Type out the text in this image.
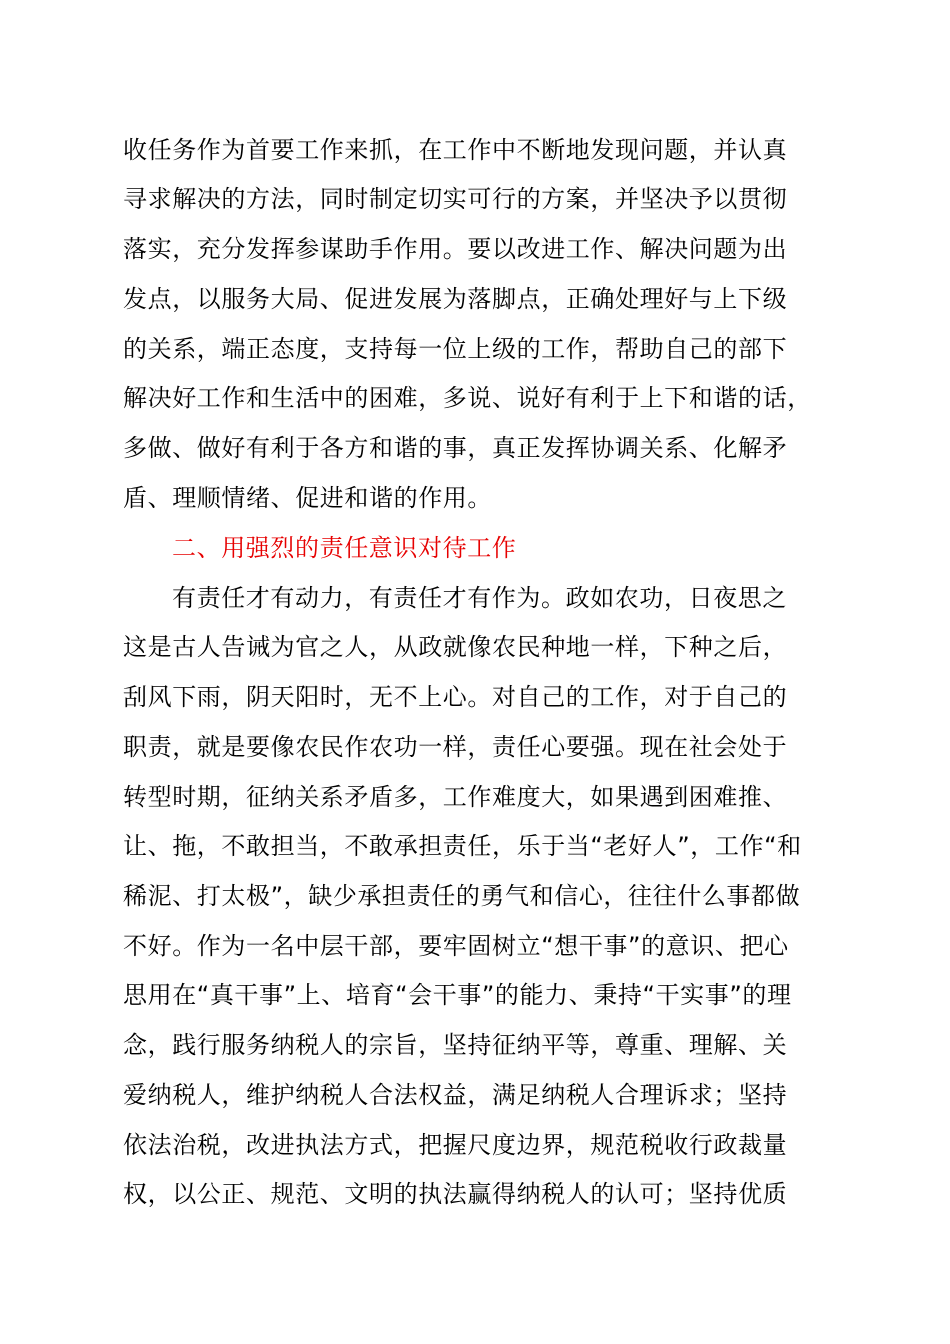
收任务作为首要工作来抓，在工作中不断地发现问题，并认真
寻求解决的方法，同时制定切实可行的方案，并坚决予以贯彻
落实，充分发挥参谋助手作用。要以改进工作、解决问题为出
发点，以服务大局、促进发展为落脚点，正确处理好与上下级
的关系，端正态度，支持每一位上级的工作，帮助自己的部下
解决好工作和生活中的困难，多说、说好有利于上下和谐的话，
多做、做好有利于各方和谐的事，真正发挥协调关系、化解矛
盾、理顺情绪、促进和谐的作用。
二、用强烈的责任意识对待工作
有责任才有动力，有责任才有作为。政如农功，日夜思之
这是古人告诫为官之人，从政就像农民种地一样，下种之后，
刮风下雨，阴天阳时，无不上心。对自己的工作，对于自己的
职责，就是要像农民作农功一样，责任心要强。现在社会处于
转型时期，征纳关系矛盾多，工作难度大，如果遇到困难推、
让、拖，不敢担当，不敢承担责任，乐于当“老好人”，工作“和
稀泥、打太极”，缺少承担责任的勇气和信心，往往什么事都做
不好。作为一名中层干部，要牢固树立“想干事”的意识、把心
思用在“真干事”上、培育“会干事”的能力、秉持“干实事”的理
念，践行服务纳税人的宗旨，坚持征纳平等，尊重、理解、关
爱纳税人，维护纳税人合法权益，满足纳税人合理诉求；坚持
依法治税，改进执法方式，把握尺度边界，规范税收行政裁量
权，以公正、规范、文明的执法赢得纳税人的认可；坚持优质
